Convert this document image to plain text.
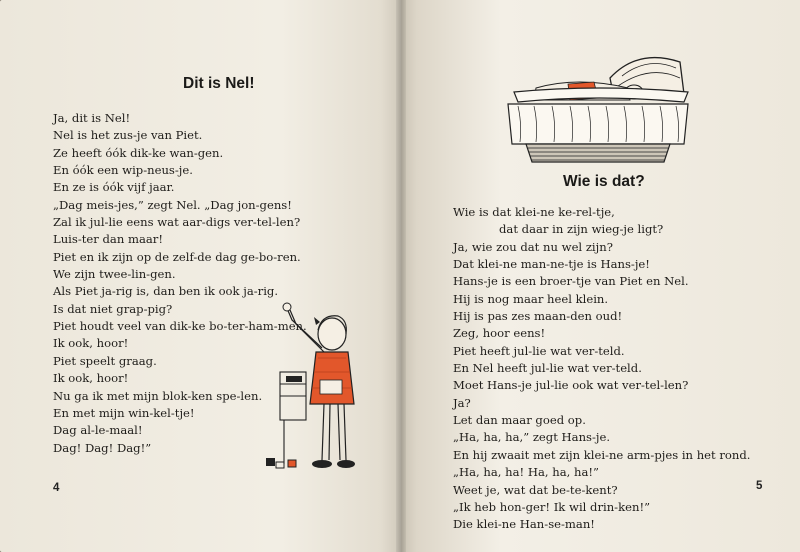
Dit is Nel!
Ja, dit is Nel!
Nel is het zus-je van Piet.
Ze heeft óók dik-ke wan-gen.
En óók een wip-neus-je.
En ze is óók vijf jaar.
„Dag meis-jes,” zegt Nel. „Dag jon-gens!
Zal ik jul-lie eens wat aar-digs ver-tel-len?
Luis-ter dan maar!
Piet en ik zijn op de zelf-de dag ge-bo-ren.
We zijn twee-lin-gen.
Als Piet ja-rig is, dan ben ik ook ja-rig.
Is dat niet grap-pig?
Piet houdt veel van dik-ke bo-ter-ham-men.
Ik ook, hoor!
Piet speelt graag.
Ik ook, hoor!
Nu ga ik met mijn blok-ken spe-len.
En met mijn win-kel-tje!
Dag al-le-maal!
Dag! Dag! Dag!”
4
Wie is dat?
Wie is dat klei-ne ke-rel-tje,
dat daar in zijn wieg-je ligt?
Ja, wie zou dat nu wel zijn?
Dat klei-ne man-ne-tje is Hans-je!
Hans-je is een broer-tje van Piet en Nel.
Hij is nog maar heel klein.
Hij is pas zes maan-den oud!
Zeg, hoor eens!
Piet heeft jul-lie wat ver-teld.
En Nel heeft jul-lie wat ver-teld.
Moet Hans-je jul-lie ook wat ver-tel-len?
Ja?
Let dan maar goed op.
„Ha, ha, ha,” zegt Hans-je.
En hij zwaait met zijn klei-ne arm-pjes in het rond.
„Ha, ha, ha! Ha, ha, ha!”
Weet je, wat dat be-te-kent?
„Ik heb hon-ger! Ik wil drin-ken!”
Die klei-ne Han-se-man!
5
